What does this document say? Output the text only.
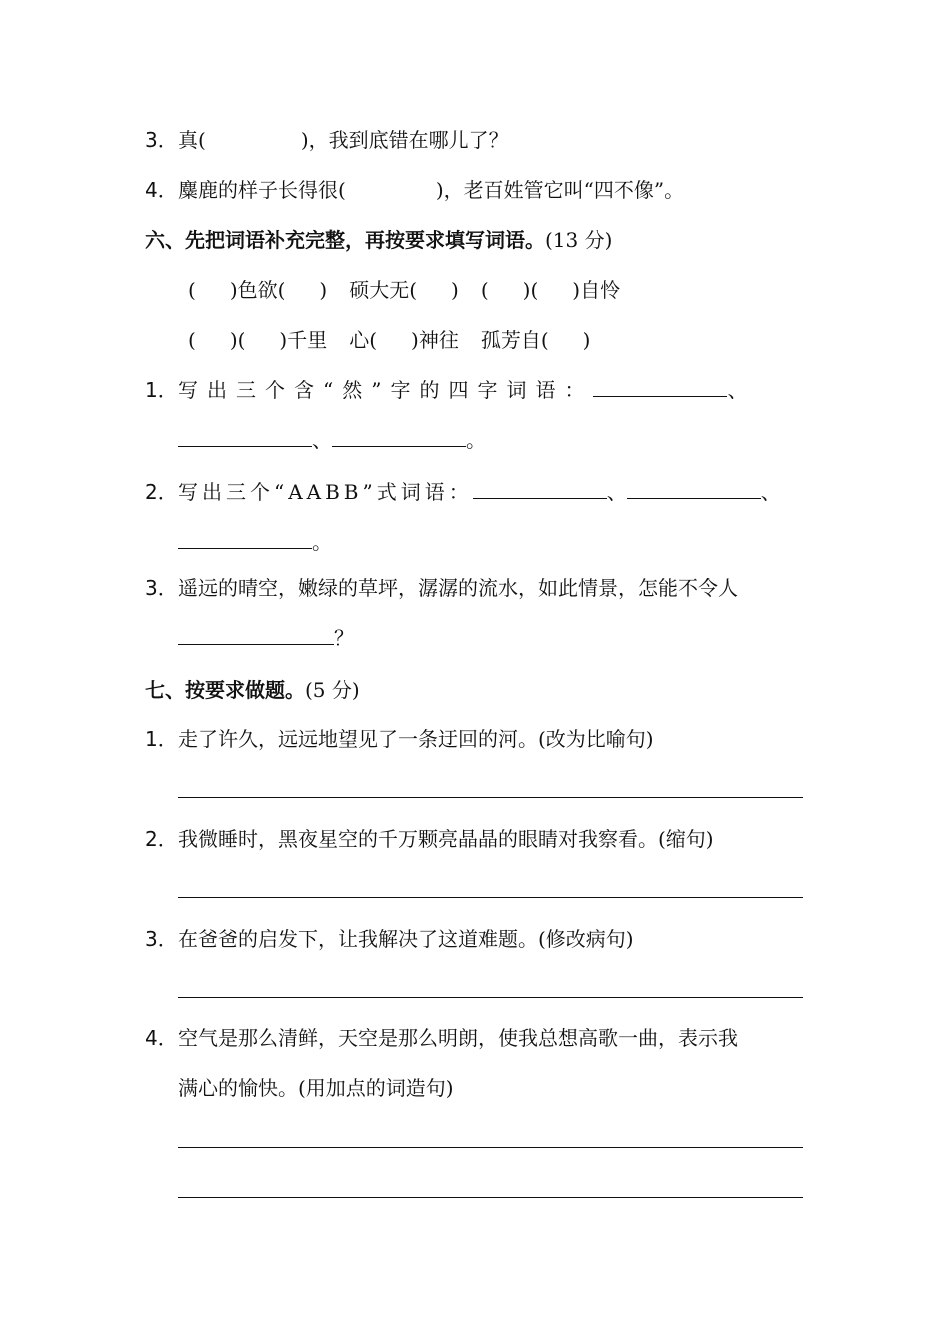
3．真(	)，我到底错在哪儿了？
4．麋鹿的样子长得很(	)，老百姓管它叫“四不像”。
六、先把词语补充完整，再按要求填写词语。(13 分)
( )色欲( ) 硕大无( ) ( )( )自怜
( )( )千里 心( )神往 孤芳自( )
1．写出三个含“然”字的四字词语：	、
、	。
2．写出三个“AABB”式词语：	、	、
。
3．遥远的晴空，嫩绿的草坪，潺潺的流水，如此情景，怎能不令人
？
七、按要求做题。(5 分)
1．走了许久，远远地望见了一条迂回的河。(改为比喻句)
2．我微睡时，黑夜星空的千万颗亮晶晶的眼睛对我察看。(缩句)
3．在爸爸的启发下，让我解决了这道难题。(修改病句)
4．空气是那么清鲜，天空是那么明朗，使我总想高歌一曲，表示我
满心的愉快。(用加点的词造句)
